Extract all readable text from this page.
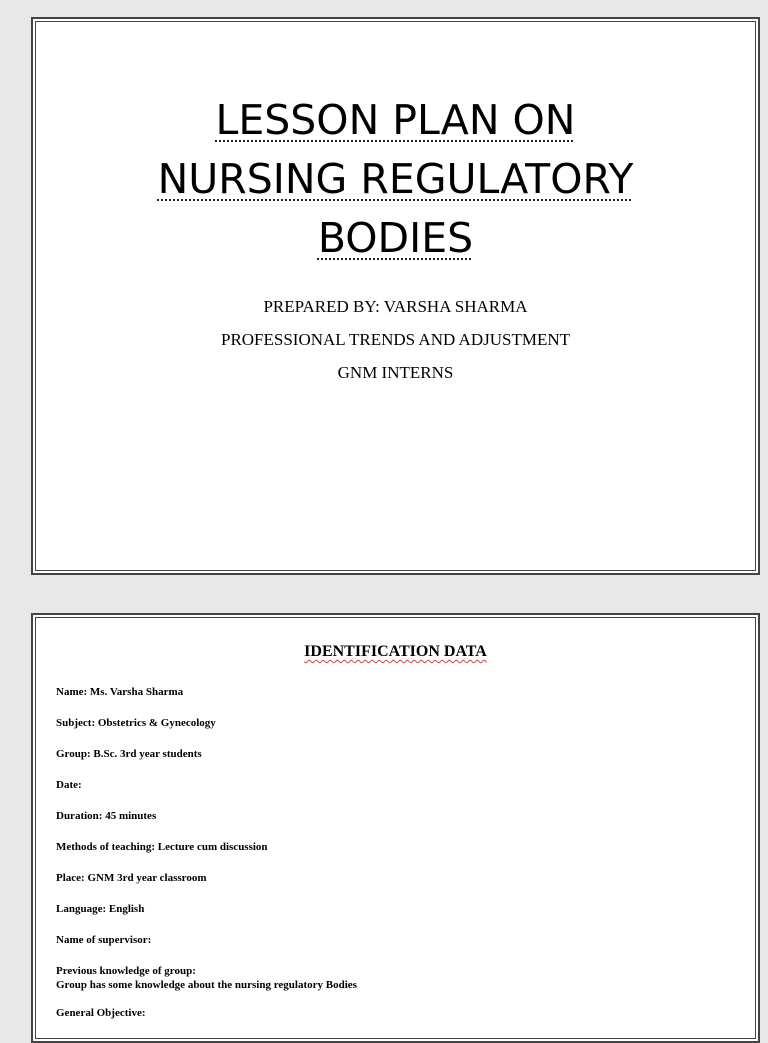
LESSON PLAN ON
NURSING REGULATORY
BODIES
PREPARED BY: VARSHA SHARMA
PROFESSIONAL TRENDS AND ADJUSTMENT
GNM INTERNS
IDENTIFICATION DATA
Name: Ms. Varsha Sharma
Subject: Obstetrics & Gynecology
Group: B.Sc. 3rd year students
Date:
Duration: 45 minutes
Methods of teaching: Lecture cum discussion
Place: GNM 3rd year classroom
Language: English
Name of supervisor:
Previous knowledge of group:
Group has some knowledge about the nursing regulatory Bodies
General Objective:
